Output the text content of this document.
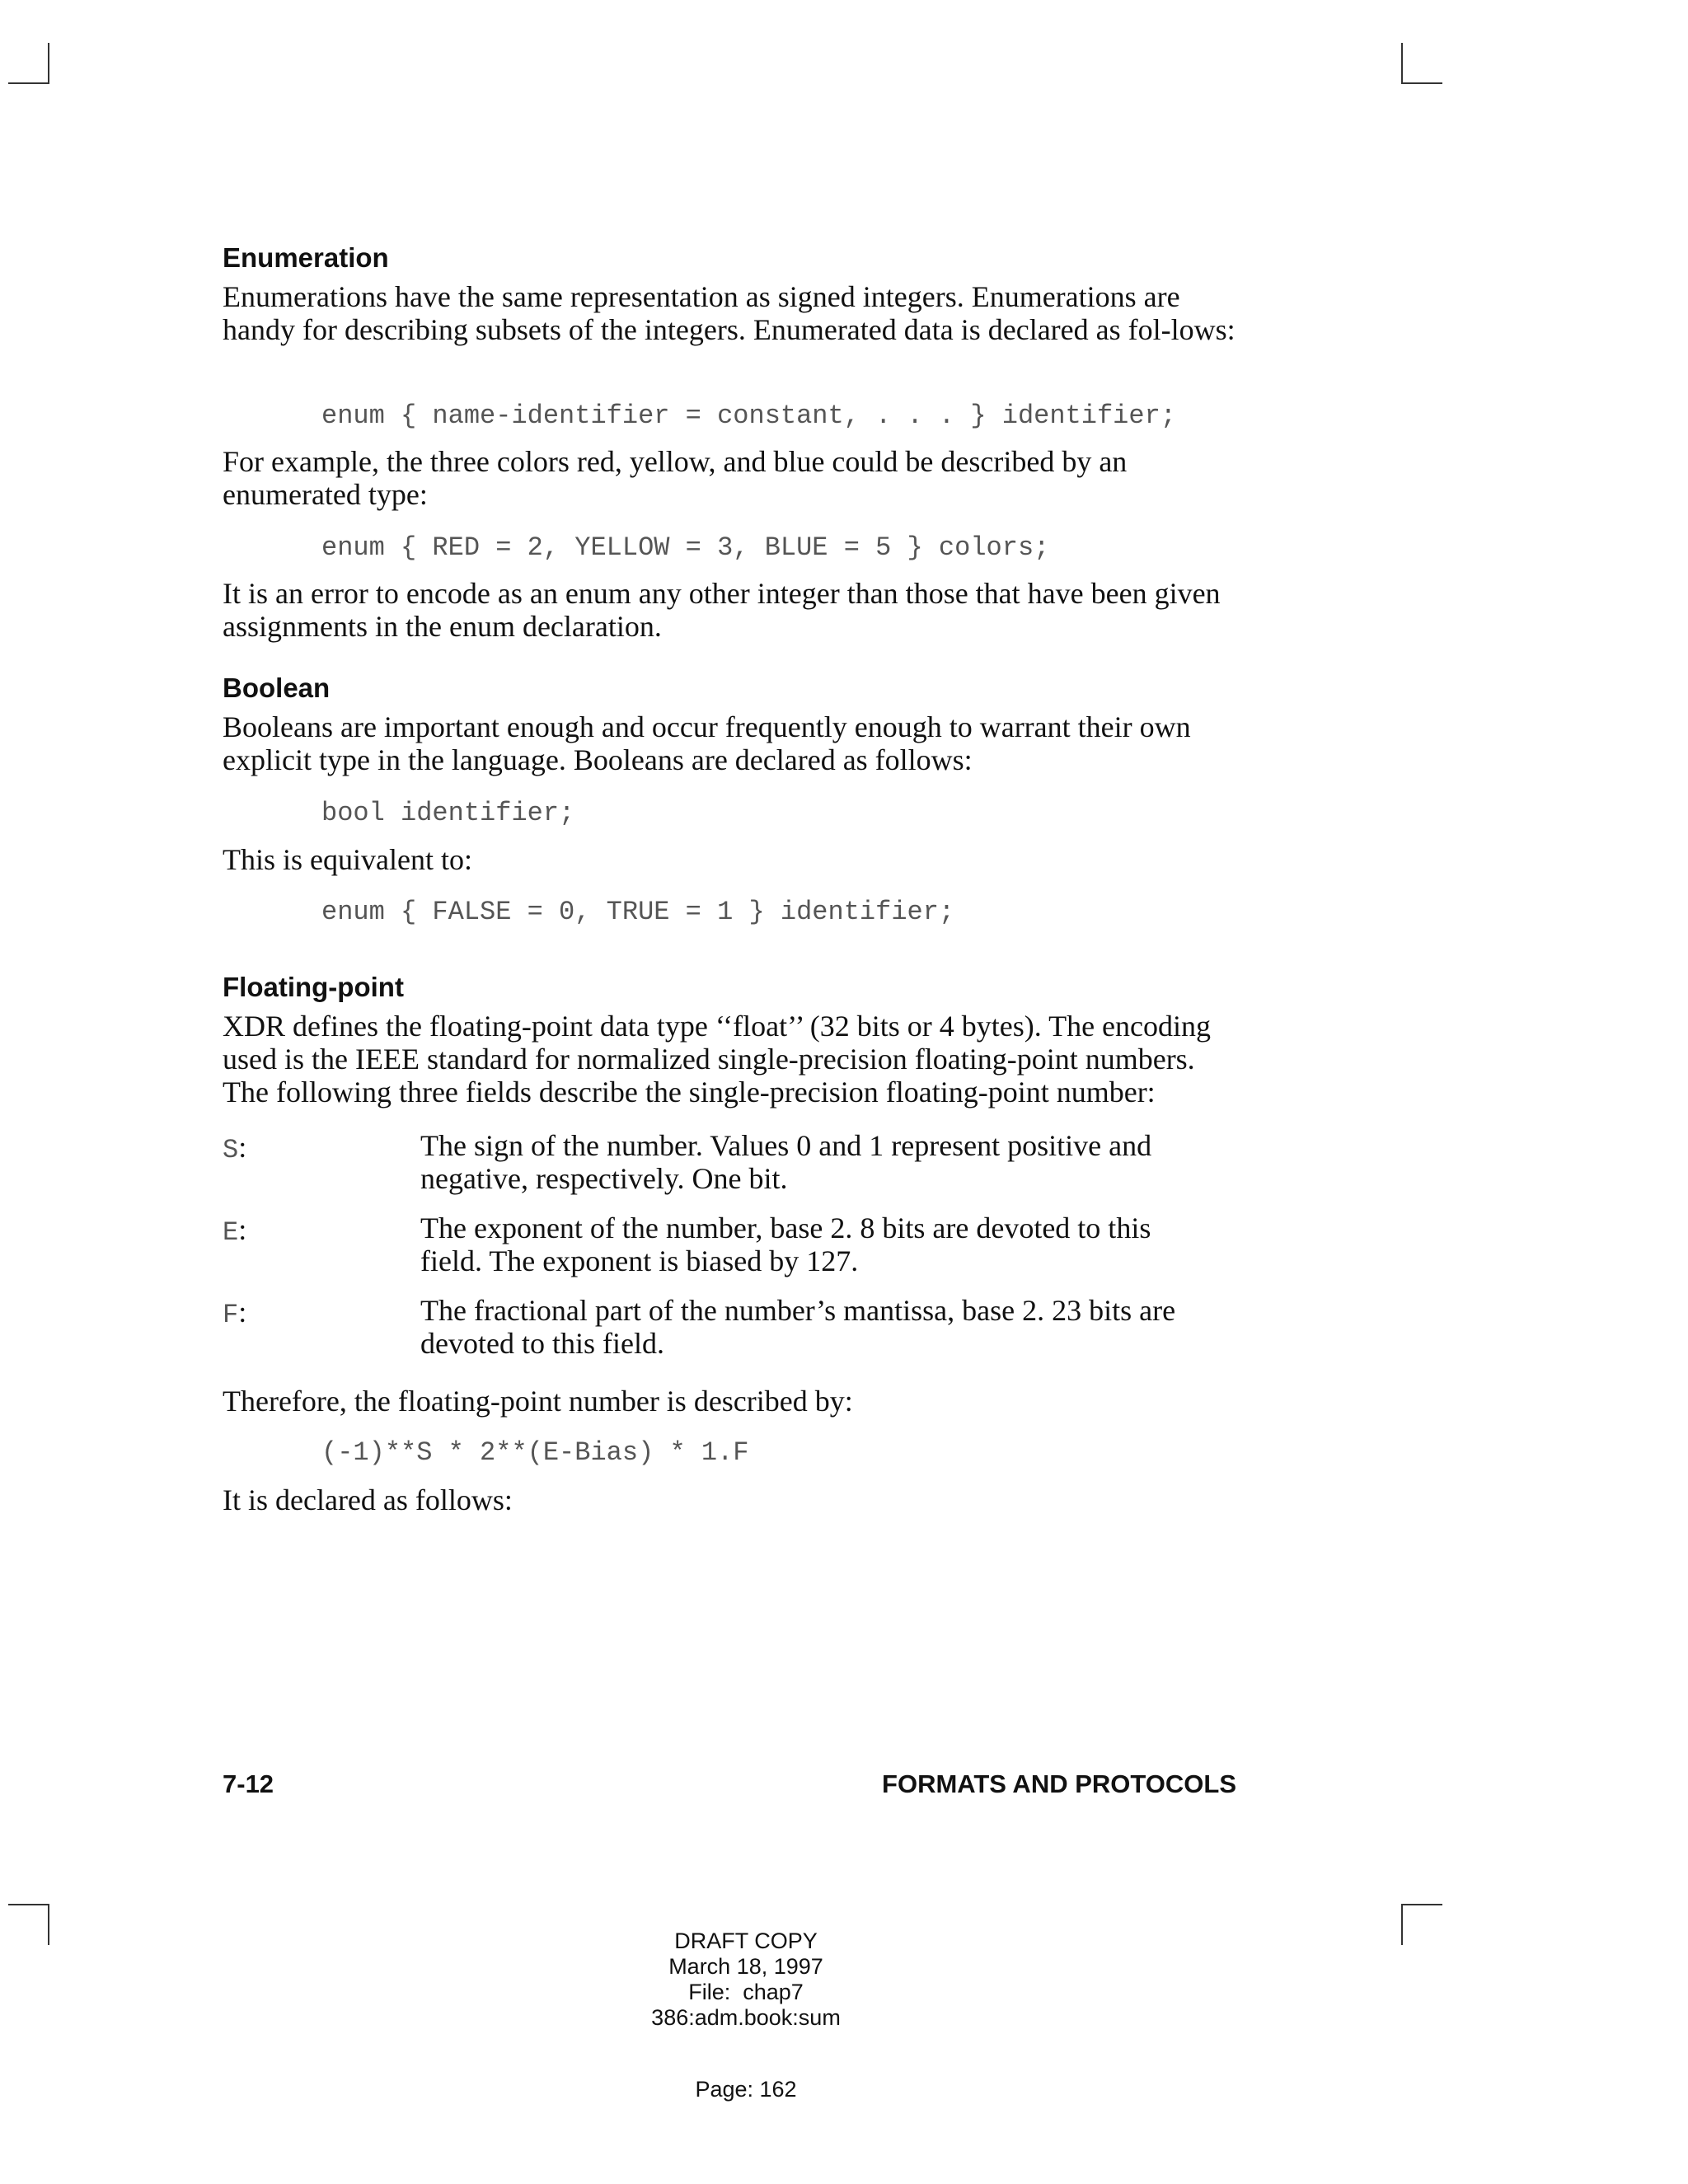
Enumeration

Enumerations have the same representation as signed integers. Enumerations are handy for describing subsets of the integers. Enumerated data is declared as fol-lows:

enum { name-identifier = constant, . . . } identifier;

For example, the three colors red, yellow, and blue could be described by an enumerated type:

enum { RED = 2, YELLOW = 3, BLUE = 5 } colors;

It is an error to encode as an enum any other integer than those that have been given assignments in the enum declaration.

Boolean

Booleans are important enough and occur frequently enough to warrant their own explicit type in the language. Booleans are declared as follows:

bool identifier;

This is equivalent to:

enum { FALSE = 0, TRUE = 1 } identifier;
Floating-point

XDR defines the floating-point data type ‘‘float’’ (32 bits or 4 bytes). The encoding used is the IEEE standard for normalized single-precision floating-point numbers. The following three fields describe the single-precision floating-point number:

S:	The sign of the number. Values 0 and 1 represent positive and negative, respectively. One bit.

E:	The exponent of the number, base 2. 8 bits are devoted to this field. The exponent is biased by 127.

F:	The fractional part of the number’s mantissa, base 2. 23 bits are devoted to this field.

Therefore, the floating-point number is described by:

(-1)**S * 2**(E-Bias) * 1.F

It is declared as follows:

7-12	FORMATS AND PROTOCOLS
DRAFT COPY
March 18, 1997
File:  chap7
386:adm.book:sum
Page: 162
